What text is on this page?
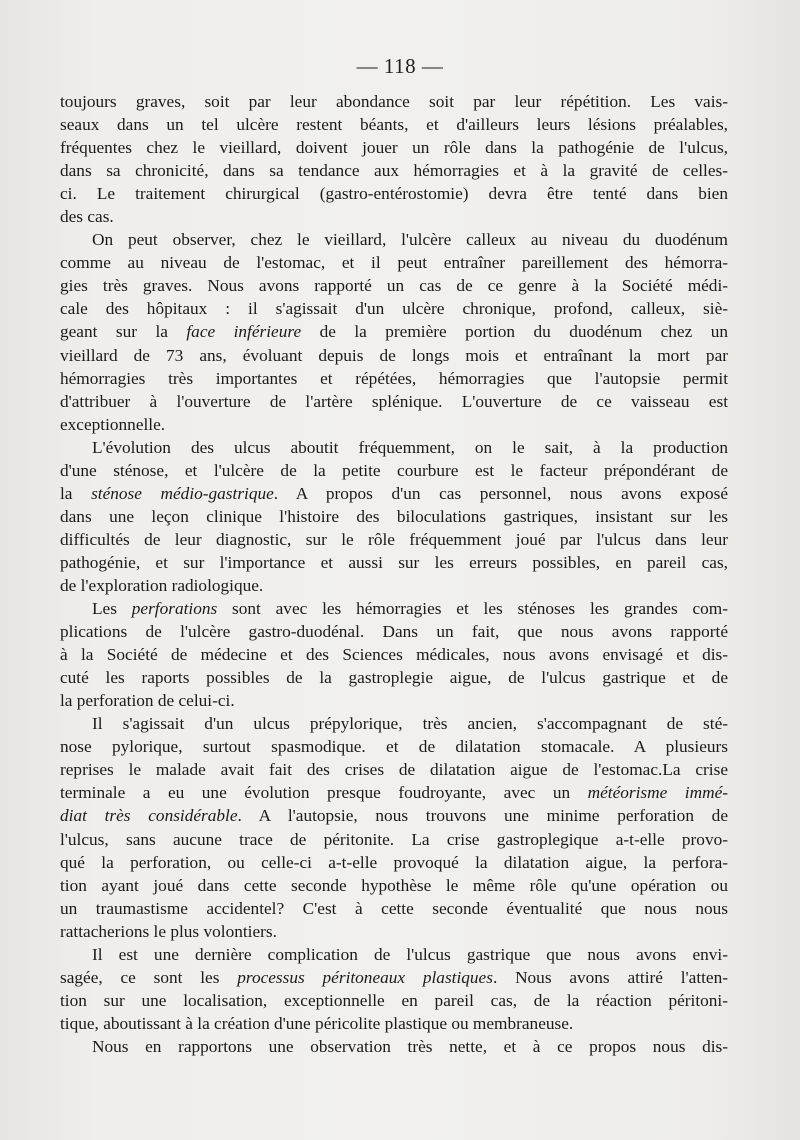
— 118 —

toujours graves, soit par leur abondance soit par leur répétition. Les vais-

seaux dans un tel ulcère restent béants, et d'ailleurs leurs lésions préalables,

fréquentes chez le vieillard, doivent jouer un rôle dans la pathogénie de l'ulcus,

dans sa chronicité, dans sa tendance aux hémorragies et à la gravité de celles-

ci. Le traitement chirurgical (gastro-entérostomie) devra être tenté dans bien

des cas.

On peut observer, chez le vieillard, l'ulcère calleux au niveau du duodénum

comme au niveau de l'estomac, et il peut entraîner pareillement des hémorra-

gies très graves. Nous avons rapporté un cas de ce genre à la Société médi-

cale des hôpitaux : il s'agissait d'un ulcère chronique, profond, calleux, siè-

geant sur la face inférieure de la première portion du duodénum chez un

vieillard de 73 ans, évoluant depuis de longs mois et entraînant la mort par

hémorragies très importantes et répétées, hémorragies que l'autopsie permit

d'attribuer à l'ouverture de l'artère splénique. L'ouverture de ce vaisseau est

exceptionnelle.

L'évolution des ulcus aboutit fréquemment, on le sait, à la production

d'une sténose, et l'ulcère de la petite courbure est le facteur prépondérant de

la sténose médio-gastrique. A propos d'un cas personnel, nous avons exposé

dans une leçon clinique l'histoire des biloculations gastriques, insistant sur les

difficultés de leur diagnostic, sur le rôle fréquemment joué par l'ulcus dans leur

pathogénie, et sur l'importance et aussi sur les erreurs possibles, en pareil cas,

de l'exploration radiologique.

Les perforations sont avec les hémorragies et les sténoses les grandes com-

plications de l'ulcère gastro-duodénal. Dans un fait, que nous avons rapporté

à la Société de médecine et des Sciences médicales, nous avons envisagé et dis-

cuté les raports possibles de la gastroplegie aigue, de l'ulcus gastrique et de

la perforation de celui-ci.

Il s'agissait d'un ulcus prépylorique, très ancien, s'accompagnant de sté-

nose pylorique, surtout spasmodique. et de dilatation stomacale. A plusieurs

reprises le malade avait fait des crises de dilatation aigue de l'estomac.La crise

terminale a eu une évolution presque foudroyante, avec un météorisme immé-

diat très considérable. A l'autopsie, nous trouvons une minime perforation de

l'ulcus, sans aucune trace de péritonite. La crise gastroplegique a-t-elle provo-

qué la perforation, ou celle-ci a-t-elle provoqué la dilatation aigue, la perfora-

tion ayant joué dans cette seconde hypothèse le même rôle qu'une opération ou

un traumastisme accidentel? C'est à cette seconde éventualité que nous nous

rattacherions le plus volontiers.

Il est une dernière complication de l'ulcus gastrique que nous avons envi-

sagée, ce sont les processus péritoneaux plastiques. Nous avons attiré l'atten-

tion sur une localisation, exceptionnelle en pareil cas, de la réaction péritoni-

tique, aboutissant à la création d'une péricolite plastique ou membraneuse.

Nous en rapportons une observation très nette, et à ce propos nous dis-
